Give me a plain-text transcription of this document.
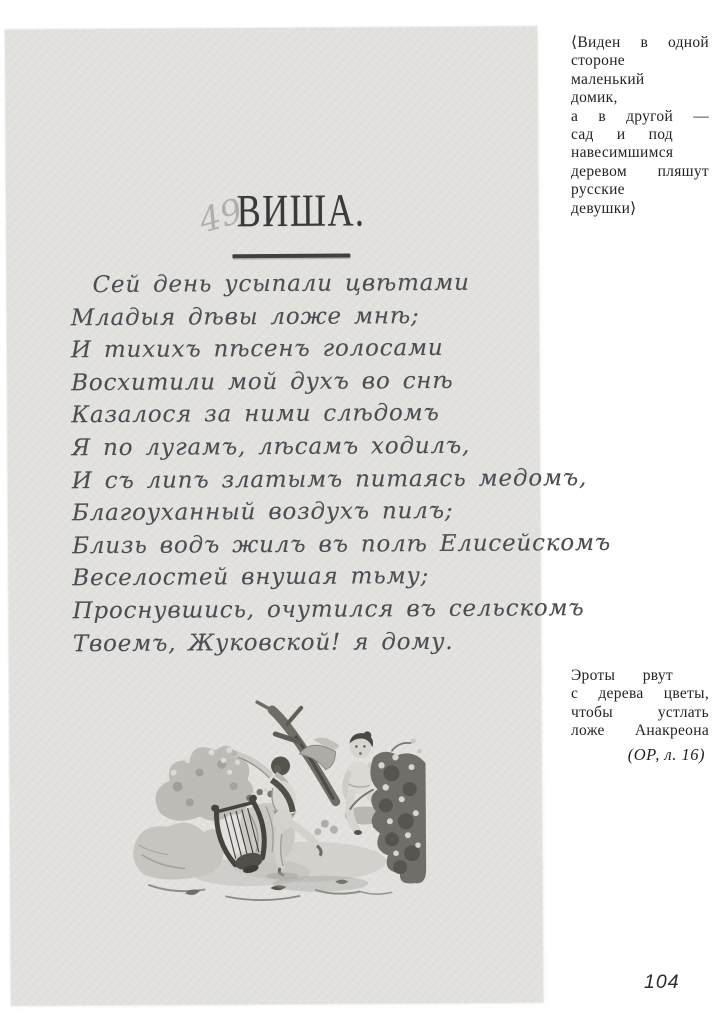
49
ВИША.
Сей день усыпали цвѣтами
Младыя дѣвы ложе мнѣ;
И тихихъ пѣсенъ голосами
Восхитили мой духъ во снѣ
Казалося за ними слѣдомъ
Я по лугамъ, лѣсамъ ходилъ,
И съ липъ златымъ питаясь медомъ,
Благоуханный воздухъ пилъ;
Близь водъ жилъ въ полѣ Елисейскомъ
Веселостей внушая тьму;
Проснувшись, очутился въ сельскомъ
Твоемъ, Жуковской! я дому.
⟨Виден в одной
стороне
маленький
домик,
а в другой —
сад и под
навесимшимся
деревом пляшут
русские
девушки⟩
Эроты рвут
с дерева цветы,
чтобы устлать
ложе Анакреона
(ОР, л. 16)
104
